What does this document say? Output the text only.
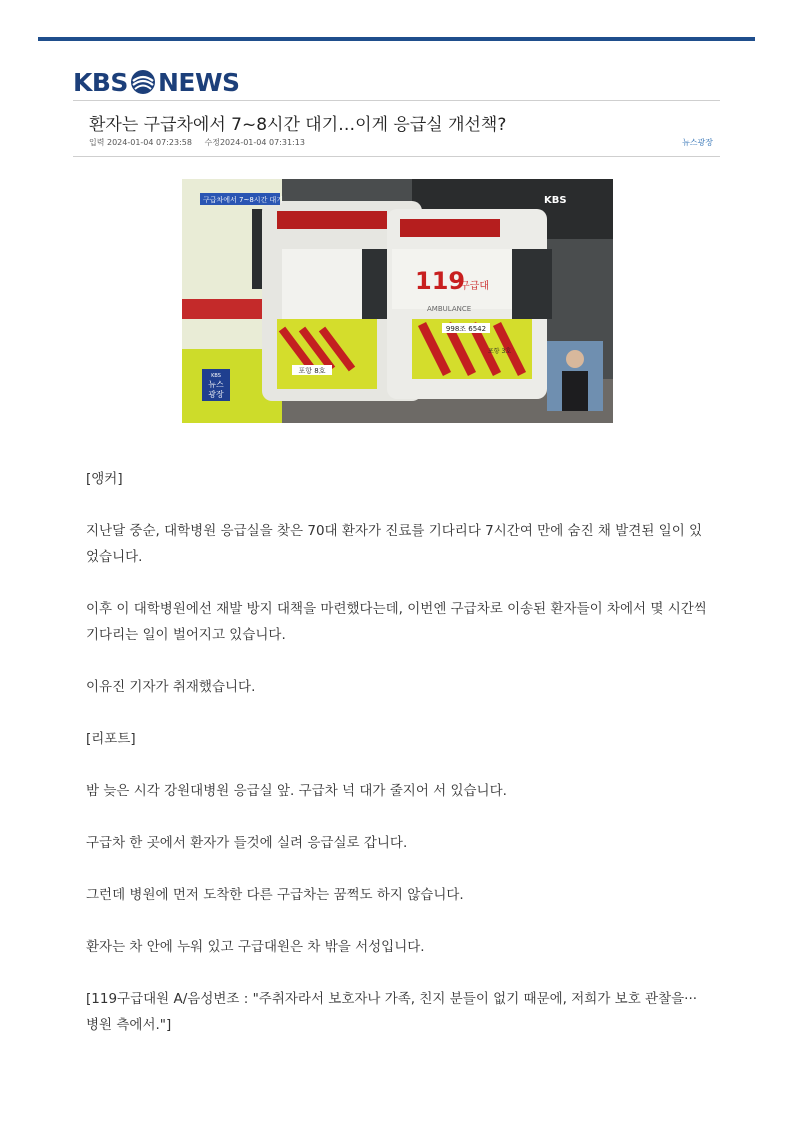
KBS NEWS
환자는 구급차에서 7~8시간 대기…이게 응급실 개선책?
입력 2024-01-04 07:23:58 수정2024-01-04 07:31:13	뉴스광장
포항 8호
119
구급대
AMBULANCE
998조 6542
포항 3호
구급차에서 7~8시간 대기	KBS
KBS
뉴스
광장

[앵커]

지난달 중순, 대학병원 응급실을 찾은 70대 환자가 진료를 기다리다 7시간여 만에 숨진 채 발견된 일이 있었습니다.

이후 이 대학병원에선 재발 방지 대책을 마련했다는데, 이번엔 구급차로 이송된 환자들이 차에서 몇 시간씩 기다리는 일이 벌어지고 있습니다.

이유진 기자가 취재했습니다.

[리포트]

밤 늦은 시각 강원대병원 응급실 앞. 구급차 넉 대가 줄지어 서 있습니다.

구급차 한 곳에서 환자가 들것에 실려 응급실로 갑니다.

그런데 병원에 먼저 도착한 다른 구급차는 꿈쩍도 하지 않습니다.

환자는 차 안에 누워 있고 구급대원은 차 밖을 서성입니다.

[119구급대원 A/음성변조 : "주취자라서 보호자나 가족, 친지 분들이 없기 때문에, 저희가 보호 관찰을··· 병원 측에서."]
